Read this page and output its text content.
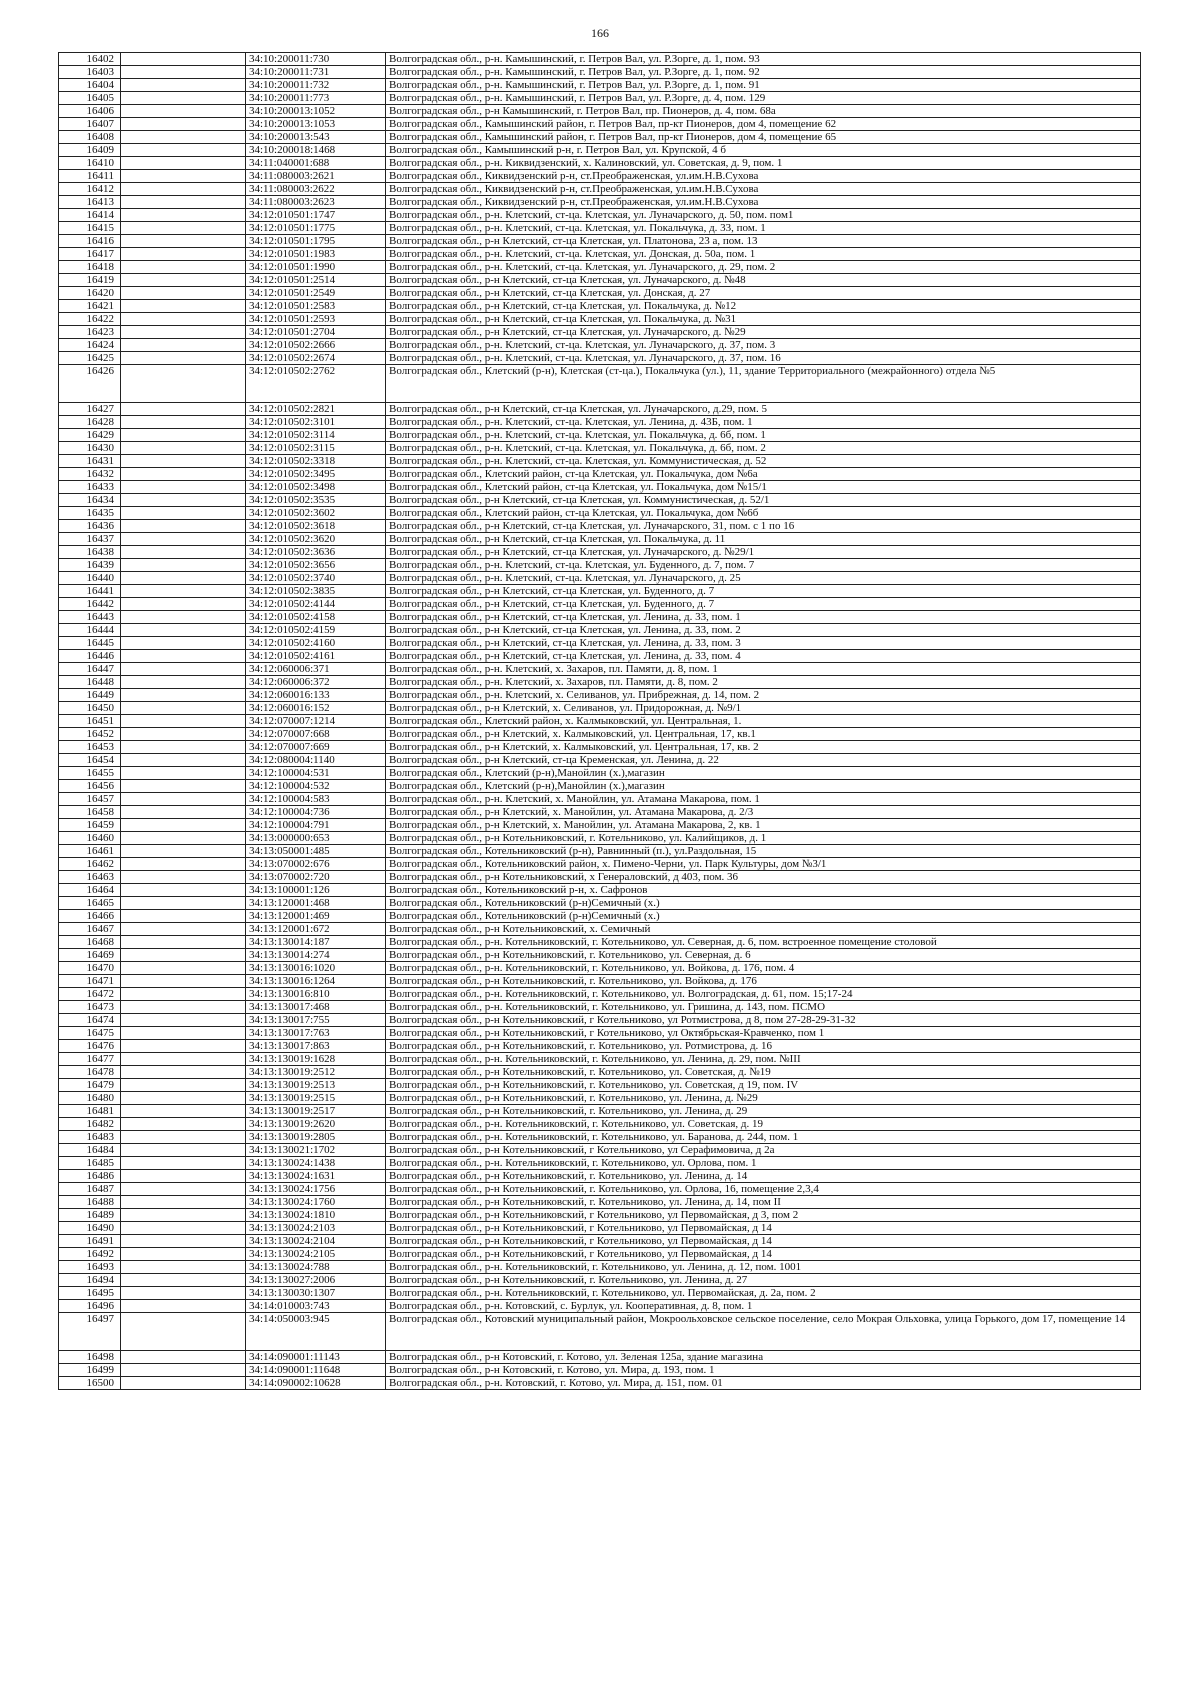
166
16402		34:10:200011:730	Волгоградская обл., р-н. Камышинский, г. Петров Вал, ул. Р.Зорге, д. 1, пом. 93
16403		34:10:200011:731	Волгоградская обл., р-н. Камышинский, г. Петров Вал, ул. Р.Зорге, д. 1, пом. 92
16404		34:10:200011:732	Волгоградская обл., р-н. Камышинский, г. Петров Вал, ул. Р.Зорге, д. 1, пом. 91
16405		34:10:200011:773	Волгоградская обл., р-н. Камышинский, г. Петров Вал, ул. Р.Зорге, д. 4, пом. 129
16406		34:10:200013:1052	Волгоградская обл., р-н Камышинский, г. Петров Вал, пр. Пионеров, д. 4, пом. 68а
16407		34:10:200013:1053	Волгоградская обл., Камышинский район, г. Петров Вал, пр-кт Пионеров, дом 4, помещение 62
16408		34:10:200013:543	Волгоградская обл., Камышинский район, г. Петров Вал, пр-кт Пионеров, дом 4, помещение 65
16409		34:10:200018:1468	Волгоградская обл., Камышинский р-н, г. Петров Вал, ул. Крупской, 4 б
16410		34:11:040001:688	Волгоградская обл., р-н. Киквидзенский, х. Калиновский, ул. Советская, д. 9, пом. 1
16411		34:11:080003:2621	Волгоградская обл., Киквидзенский р-н, ст.Преображенская, ул.им.Н.В.Сухова
16412		34:11:080003:2622	Волгоградская обл., Киквидзенский р-н, ст.Преображенская, ул.им.Н.В.Сухова
16413		34:11:080003:2623	Волгоградская обл., Киквидзенский р-н, ст.Преображенская, ул.им.Н.В.Сухова
16414		34:12:010501:1747	Волгоградская обл., р-н. Клетский, ст-ца. Клетская, ул. Луначарского, д. 50, пом. пом1
16415		34:12:010501:1775	Волгоградская обл., р-н. Клетский, ст-ца. Клетская, ул. Покальчука, д. 33, пом. 1
16416		34:12:010501:1795	Волгоградская обл., р-н Клетский, ст-ца Клетская, ул. Платонова, 23 а, пом. 13
16417		34:12:010501:1983	Волгоградская обл., р-н. Клетский, ст-ца. Клетская, ул. Донская, д. 50а, пом. 1
16418		34:12:010501:1990	Волгоградская обл., р-н. Клетский, ст-ца. Клетская, ул. Луначарского, д. 29, пом. 2
16419		34:12:010501:2514	Волгоградская обл., р-н Клетский, ст-ца Клетская, ул. Луначарского, д. №48
16420		34:12:010501:2549	Волгоградская обл., р-н Клетский, ст-ца Клетская, ул. Донская, д. 27
16421		34:12:010501:2583	Волгоградская обл., р-н Клетский, ст-ца Клетская, ул. Покальчука, д. №12
16422		34:12:010501:2593	Волгоградская обл., р-н Клетский, ст-ца Клетская, ул. Покальчука, д. №31
16423		34:12:010501:2704	Волгоградская обл., р-н Клетский, ст-ца Клетская, ул. Луначарского, д. №29
16424		34:12:010502:2666	Волгоградская обл., р-н. Клетский, ст-ца. Клетская, ул. Луначарского, д. 37, пом. 3
16425		34:12:010502:2674	Волгоградская обл., р-н. Клетский, ст-ца. Клетская, ул. Луначарского, д. 37, пом. 16
16426		34:12:010502:2762	Волгоградская обл., Клетский (р-н), Клетская (ст-ца.), Покальчука (ул.), 11, здание Территориального (межрайонного) отдела №5
16427		34:12:010502:2821	Волгоградская обл., р-н Клетский, ст-ца Клетская, ул. Луначарского, д.29, пом. 5
16428		34:12:010502:3101	Волгоградская обл., р-н. Клетский, ст-ца. Клетская, ул. Ленина, д. 43Б, пом. 1
16429		34:12:010502:3114	Волгоградская обл., р-н. Клетский, ст-ца. Клетская, ул. Покальчука, д. 6б, пом. 1
16430		34:12:010502:3115	Волгоградская обл., р-н. Клетский, ст-ца. Клетская, ул. Покальчука, д. 6б, пом. 2
16431		34:12:010502:3318	Волгоградская обл., р-н. Клетский, ст-ца. Клетская, ул. Коммунистическая, д. 52
16432		34:12:010502:3495	Волгоградская обл., Клетский район, ст-ца Клетская, ул. Покальчука, дом №6а
16433		34:12:010502:3498	Волгоградская обл., Клетский район, ст-ца Клетская, ул. Покальчука, дом №15/1
16434		34:12:010502:3535	Волгоградская обл., р-н Клетский, ст-ца Клетская, ул. Коммунистическая, д. 52/1
16435		34:12:010502:3602	Волгоградская обл., Клетский район, ст-ца Клетская, ул. Покальчука, дом №6б
16436		34:12:010502:3618	Волгоградская обл., р-н Клетский, ст-ца Клетская, ул. Луначарского, 31, пом. с 1 по 16
16437		34:12:010502:3620	Волгоградская обл., р-н Клетский, ст-ца Клетская, ул. Покальчука, д. 11
16438		34:12:010502:3636	Волгоградская обл., р-н Клетский, ст-ца Клетская, ул. Луначарского, д. №29/1
16439		34:12:010502:3656	Волгоградская обл., р-н. Клетский, ст-ца. Клетская, ул. Буденного, д. 7, пом. 7
16440		34:12:010502:3740	Волгоградская обл., р-н. Клетский, ст-ца. Клетская, ул. Луначарского, д. 25
16441		34:12:010502:3835	Волгоградская обл., р-н Клетский, ст-ца Клетская, ул. Буденного, д. 7
16442		34:12:010502:4144	Волгоградская обл., р-н Клетский, ст-ца Клетская, ул. Буденного, д. 7
16443		34:12:010502:4158	Волгоградская обл., р-н Клетский, ст-ца Клетская, ул. Ленина, д. 33, пом. 1
16444		34:12:010502:4159	Волгоградская обл., р-н Клетский, ст-ца Клетская, ул. Ленина, д. 33, пом. 2
16445		34:12:010502:4160	Волгоградская обл., р-н Клетский, ст-ца Клетская, ул. Ленина, д. 33, пом. 3
16446		34:12:010502:4161	Волгоградская обл., р-н Клетский, ст-ца Клетская, ул. Ленина, д. 33, пом. 4
16447		34:12:060006:371	Волгоградская обл., р-н. Клетский, х. Захаров, пл. Памяти, д. 8, пом. 1
16448		34:12:060006:372	Волгоградская обл., р-н. Клетский, х. Захаров, пл. Памяти, д. 8, пом. 2
16449		34:12:060016:133	Волгоградская обл., р-н. Клетский, х. Селиванов, ул. Прибрежная, д. 14, пом. 2
16450		34:12:060016:152	Волгоградская обл., р-н Клетский, х. Селиванов, ул. Придорожная, д. №9/1
16451		34:12:070007:1214	Волгоградская обл., Клетский район, х. Калмыковский, ул. Центральная, 1.
16452		34:12:070007:668	Волгоградская обл., р-н Клетский, х. Калмыковский, ул. Центральная, 17, кв.1
16453		34:12:070007:669	Волгоградская обл., р-н Клетский, х. Калмыковский, ул. Центральная, 17, кв. 2
16454		34:12:080004:1140	Волгоградская обл., р-н Клетский, ст-ца Кременская, ул. Ленина, д. 22
16455		34:12:100004:531	Волгоградская обл., Клетский (р-н),Манойлин (х.),магазин
16456		34:12:100004:532	Волгоградская обл., Клетский (р-н),Манойлин (х.),магазин
16457		34:12:100004:583	Волгоградская обл., р-н. Клетский, х. Манойлин, ул. Атамана Макарова, пом. 1
16458		34:12:100004:736	Волгоградская обл., р-н Клетский, х. Манойлин, ул. Атамана Макарова, д. 2/3
16459		34:12:100004:791	Волгоградская обл., р-н Клетский, х. Манойлин, ул. Атамана Макарова, 2, кв. 1
16460		34:13:000000:653	Волгоградская обл., р-н Котельниковский, г. Котельниково, ул. Калийщиков, д. 1
16461		34:13:050001:485	Волгоградская обл., Котельниковский (р-н), Равнинный (п.), ул.Раздольная, 15
16462		34:13:070002:676	Волгоградская обл., Котельниковский район, х. Пимено-Черни, ул. Парк Культуры, дом №3/1
16463		34:13:070002:720	Волгоградская обл., р-н Котельниковский, х Генераловский, д 403, пом. 36
16464		34:13:100001:126	Волгоградская обл., Котельниковский р-н, х. Сафронов
16465		34:13:120001:468	Волгоградская обл., Котельниковский (р-н)Семичный (х.)
16466		34:13:120001:469	Волгоградская обл., Котельниковский (р-н)Семичный (х.)
16467		34:13:120001:672	Волгоградская обл., р-н Котельниковский, х. Семичный
16468		34:13:130014:187	Волгоградская обл., р-н. Котельниковский, г. Котельниково, ул. Северная, д. 6, пом. встроенное помещение столовой
16469		34:13:130014:274	Волгоградская обл., р-н Котельниковский, г. Котельниково, ул. Северная, д. 6
16470		34:13:130016:1020	Волгоградская обл., р-н. Котельниковский, г. Котельниково, ул. Войкова, д. 176, пом. 4
16471		34:13:130016:1264	Волгоградская обл., р-н Котельниковский, г. Котельниково, ул. Войкова, д. 176
16472		34:13:130016:810	Волгоградская обл., р-н. Котельниковский, г. Котельниково, ул. Волгоградская, д. 61, пом. 15;17-24
16473		34:13:130017:468	Волгоградская обл., р-н. Котельниковский, г. Котельниково, ул. Гришина, д. 143, пом. ПСМО
16474		34:13:130017:755	Волгоградская обл., р-н Котельниковский, г Котельниково, ул Ротмистрова, д 8, пом 27-28-29-31-32
16475		34:13:130017:763	Волгоградская обл., р-н Котельниковский, г Котельниково, ул Октябрьская-Кравченко, пом 1
16476		34:13:130017:863	Волгоградская обл., р-н Котельниковский, г. Котельниково, ул. Ротмистрова, д. 16
16477		34:13:130019:1628	Волгоградская обл., р-н. Котельниковский, г. Котельниково, ул. Ленина, д. 29, пом. №III
16478		34:13:130019:2512	Волгоградская обл., р-н Котельниковский, г. Котельниково, ул. Советская, д. №19
16479		34:13:130019:2513	Волгоградская обл., р-н Котельниковский, г. Котельниково, ул. Советская, д 19, пом. IV
16480		34:13:130019:2515	Волгоградская обл., р-н Котельниковский, г. Котельниково, ул. Ленина, д. №29
16481		34:13:130019:2517	Волгоградская обл., р-н Котельниковский, г. Котельниково, ул. Ленина, д. 29
16482		34:13:130019:2620	Волгоградская обл., р-н. Котельниковский, г. Котельниково, ул. Советская, д. 19
16483		34:13:130019:2805	Волгоградская обл., р-н. Котельниковский, г. Котельниково, ул. Баранова, д. 244, пом. 1
16484		34:13:130021:1702	Волгоградская обл., р-н Котельниковский, г Котельниково, ул Серафимовича, д 2а
16485		34:13:130024:1438	Волгоградская обл., р-н. Котельниковский, г. Котельниково, ул. Орлова, пом. 1
16486		34:13:130024:1631	Волгоградская обл., р-н Котельниковский, г. Котельниково, ул. Ленина, д. 14
16487		34:13:130024:1756	Волгоградская обл., р-н Котельниковский, г. Котельниково, ул. Орлова, 16, помещение 2,3,4
16488		34:13:130024:1760	Волгоградская обл., р-н Котельниковский, г. Котельниково, ул. Ленина, д. 14, пом II
16489		34:13:130024:1810	Волгоградская обл., р-н Котельниковский, г Котельниково, ул Первомайская, д 3, пом 2
16490		34:13:130024:2103	Волгоградская обл., р-н Котельниковский, г Котельниково, ул Первомайская, д 14
16491		34:13:130024:2104	Волгоградская обл., р-н Котельниковский, г Котельниково, ул Первомайская, д 14
16492		34:13:130024:2105	Волгоградская обл., р-н Котельниковский, г Котельниково, ул Первомайская, д 14
16493		34:13:130024:788	Волгоградская обл., р-н. Котельниковский, г. Котельниково, ул. Ленина, д. 12, пом. 1001
16494		34:13:130027:2006	Волгоградская обл., р-н Котельниковский, г. Котельниково, ул. Ленина, д. 27
16495		34:13:130030:1307	Волгоградская обл., р-н. Котельниковский, г. Котельниково, ул. Первомайская, д. 2а, пом. 2
16496		34:14:010003:743	Волгоградская обл., р-н. Котовский, с. Бурлук, ул. Кооперативная, д. 8, пом. 1
16497		34:14:050003:945	Волгоградская обл., Котовский муниципальный район, Мокроольховское сельское поселение, село Мокрая Ольховка, улица Горького, дом 17, помещение 14
16498		34:14:090001:11143	Волгоградская обл., р-н Котовский, г. Котово, ул. Зеленая 125а, здание магазина
16499		34:14:090001:11648	Волгоградская обл., р-н Котовский, г. Котово, ул. Мира, д. 193, пом. 1
16500		34:14:090002:10628	Волгоградская обл., р-н. Котовский, г. Котово, ул. Мира, д. 151, пом. 01
